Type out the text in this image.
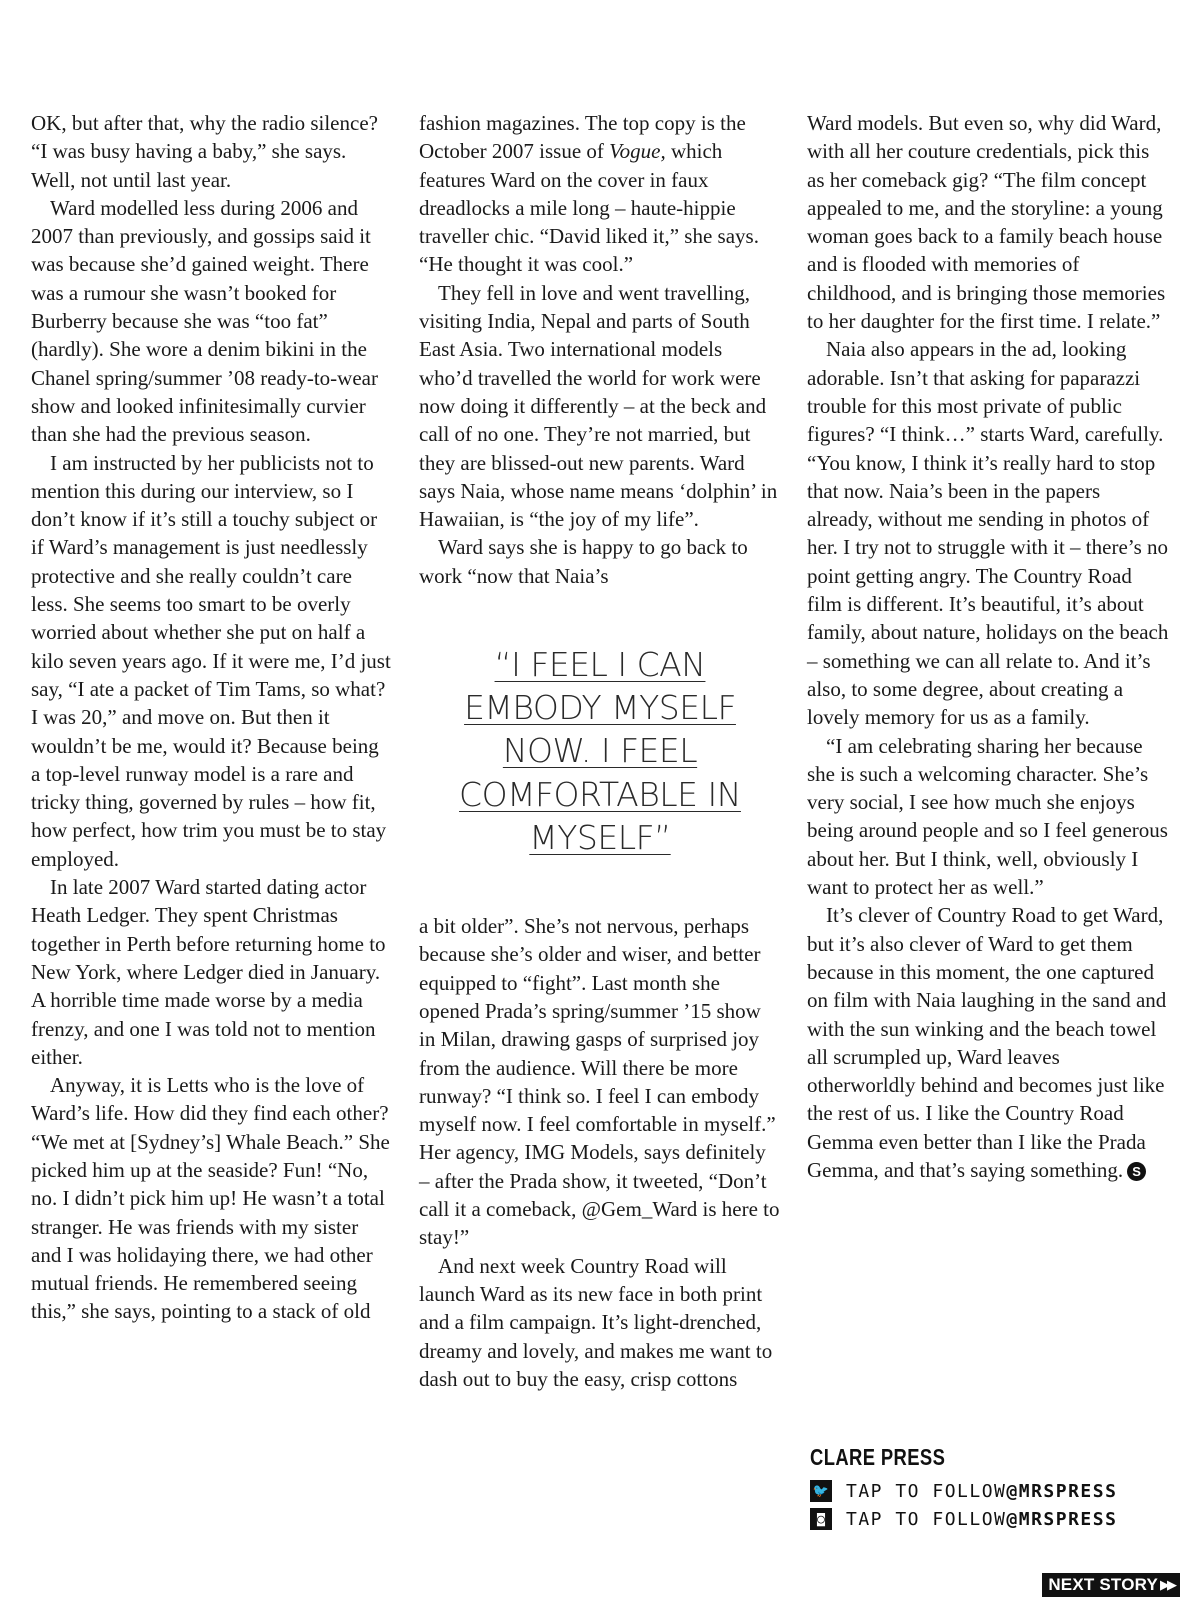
OK, but after that, why the radio silence? “I was busy having a baby,” she says. Well, not until last year.

Ward modelled less during 2006 and 2007 than previously, and gossips said it was because she’d gained weight. There was a rumour she wasn’t booked for Burberry because she was “too fat” (hardly). She wore a denim bikini in the Chanel spring/summer ’08 ready-to-wear show and looked infinitesimally curvier than she had the previous season.

I am instructed by her publicists not to mention this during our interview, so I don’t know if it’s still a touchy subject or if Ward’s management is just needlessly protective and she really couldn’t care less. She seems too smart to be overly worried about whether she put on half a kilo seven years ago. If it were me, I’d just say, “I ate a packet of Tim Tams, so what? I was 20,” and move on. But then it wouldn’t be me, would it? Because being a top-level runway model is a rare and tricky thing, governed by rules – how fit, how perfect, how trim you must be to stay employed.

In late 2007 Ward started dating actor Heath Ledger. They spent Christmas together in Perth before returning home to New York, where Ledger died in January. A horrible time made worse by a media frenzy, and one I was told not to mention either.

Anyway, it is Letts who is the love of Ward’s life. How did they find each other? “We met at [Sydney’s] Whale Beach.” She picked him up at the seaside? Fun! “No, no. I didn’t pick him up! He wasn’t a total stranger. He was friends with my sister and I was holidaying there, we had other mutual friends. He remembered seeing this,” she says, pointing to a stack of old

fashion magazines. The top copy is the October 2007 issue of Vogue, which features Ward on the cover in faux dreadlocks a mile long – haute-hippie traveller chic. “David liked it,” she says. “He thought it was cool.”

They fell in love and went travelling, visiting India, Nepal and parts of South East Asia. Two international models who’d travelled the world for work were now doing it differently – at the beck and call of no one. They’re not married, but they are blissed-out new parents. Ward says Naia, whose name means ‘dolphin’ in Hawaiian, is “the joy of my life”.

Ward says she is happy to go back to work “now that Naia’s

“I FEEL I CAN EMBODY MYSELF NOW. I FEEL COMFORTABLE IN MYSELF”

a bit older”. She’s not nervous, perhaps because she’s older and wiser, and better equipped to “fight”. Last month she opened Prada’s spring/summer ’15 show in Milan, drawing gasps of surprised joy from the audience. Will there be more runway? “I think so. I feel I can embody myself now. I feel comfortable in myself.” Her agency, IMG Models, says definitely – after the Prada show, it tweeted, “Don’t call it a comeback, @Gem_Ward is here to stay!”

And next week Country Road will launch Ward as its new face in both print and a film campaign. It’s light-drenched, dreamy and lovely, and makes me want to dash out to buy the easy, crisp cottons

Ward models. But even so, why did Ward, with all her couture credentials, pick this as her comeback gig? “The film concept appealed to me, and the storyline: a young woman goes back to a family beach house and is flooded with memories of childhood, and is bringing those memories to her daughter for the first time. I relate.”

Naia also appears in the ad, looking adorable. Isn’t that asking for paparazzi trouble for this most private of public figures? “I think…” starts Ward, carefully. “You know, I think it’s really hard to stop that now. Naia’s been in the papers already, without me sending in photos of her. I try not to struggle with it – there’s no point getting angry. The Country Road film is different. It’s beautiful, it’s about family, about nature, holidays on the beach – something we can all relate to. And it’s also, to some degree, about creating a lovely memory for us as a family.

“I am celebrating sharing her because she is such a welcoming character. She’s very social, I see how much she enjoys being around people and so I feel generous about her. But I think, well, obviously I want to protect her as well.”

It’s clever of Country Road to get Ward, but it’s also clever of Ward to get them because in this moment, the one captured on film with Naia laughing in the sand and with the sun winking and the beach towel all scrumpled up, Ward leaves otherworldly behind and becomes just like the rest of us. I like the Country Road Gemma even better than I like the Prada Gemma, and that’s saying something. S

CLARE PRESS
🐦 TAP TO FOLLOW @MRSPRESS
◙	TAP TO FOLLOW @MRSPRESS
NEXT STORY ▶▶
